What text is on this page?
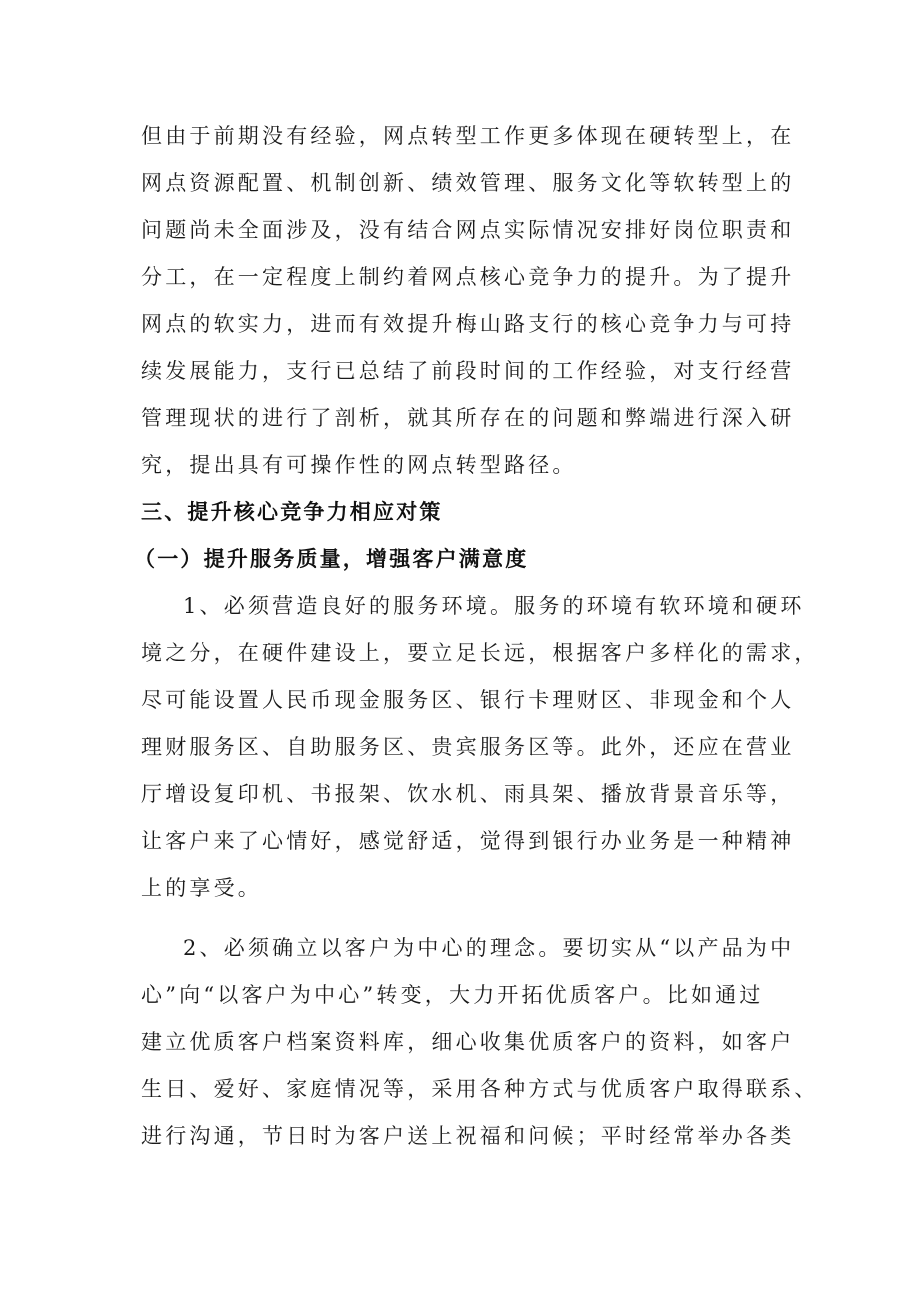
但由于前期没有经验，网点转型工作更多体现在硬转型上，在
网点资源配置、机制创新、绩效管理、服务文化等软转型上的
问题尚未全面涉及，没有结合网点实际情况安排好岗位职责和
分工，在一定程度上制约着网点核心竞争力的提升。为了提升
网点的软实力，进而有效提升梅山路支行的核心竞争力与可持
续发展能力，支行已总结了前段时间的工作经验，对支行经营
管理现状的进行了剖析，就其所存在的问题和弊端进行深入研
究，提出具有可操作性的网点转型路径。
三、提升核心竞争力相应对策
（一）提升服务质量，增强客户满意度
1、必须营造良好的服务环境。服务的环境有软环境和硬环
境之分，在硬件建设上，要立足长远，根据客户多样化的需求，
尽可能设置人民币现金服务区、银行卡理财区、非现金和个人
理财服务区、自助服务区、贵宾服务区等。此外，还应在营业
厅增设复印机、书报架、饮水机、雨具架、播放背景音乐等，
让客户来了心情好，感觉舒适，觉得到银行办业务是一种精神
上的享受。
2、必须确立以客户为中心的理念。要切实从“以产品为中
心”向“以客户为中心”转变，大力开拓优质客户。比如通过
建立优质客户档案资料库，细心收集优质客户的资料，如客户
生日、爱好、家庭情况等，采用各种方式与优质客户取得联系、
进行沟通，节日时为客户送上祝福和问候；平时经常举办各类
